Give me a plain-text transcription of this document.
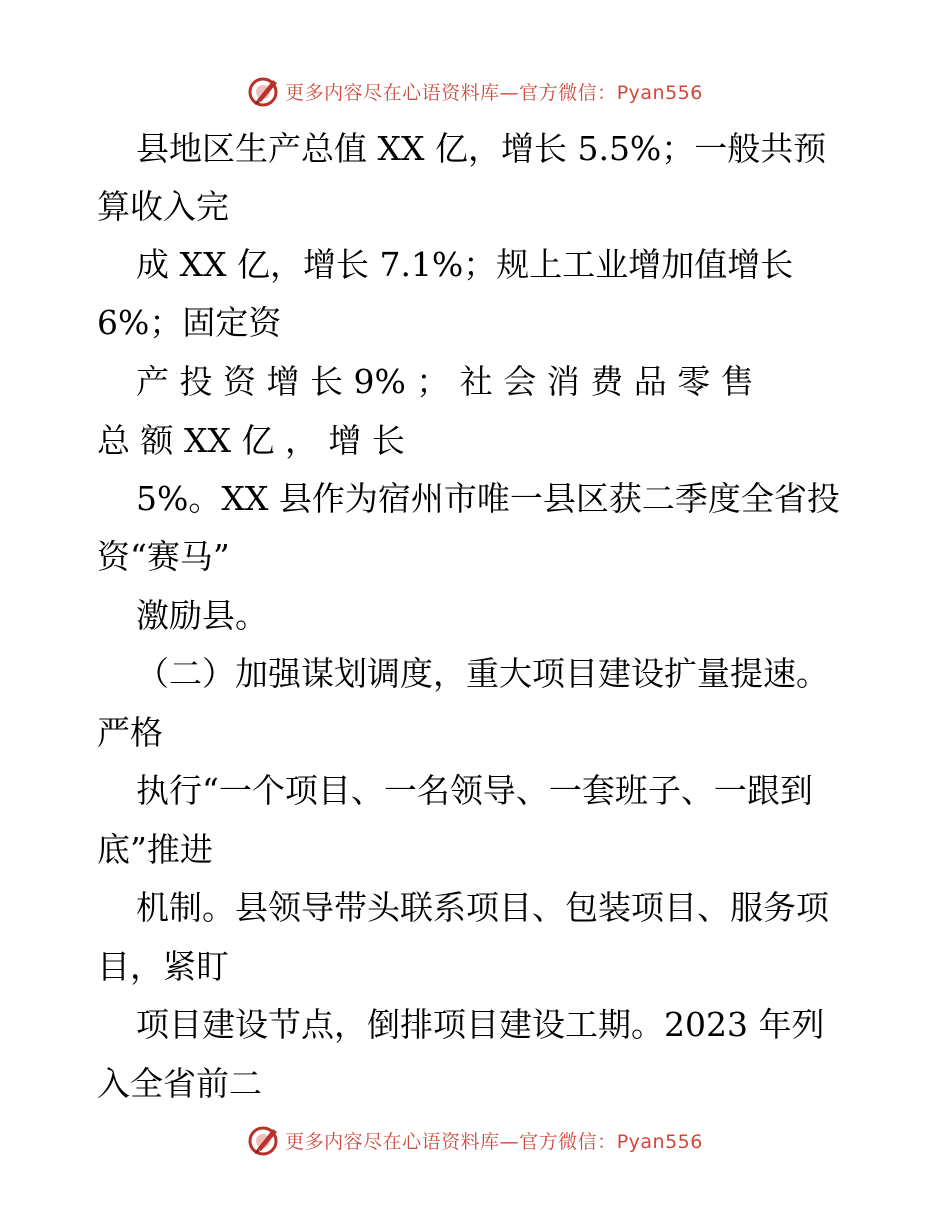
更多内容尽在心语资料库—官方微信：Pyan556
县地区生产总值 XX 亿，增长 5.5%；一般共预
算收入完
成 XX 亿，增长 7.1%；规上工业增加值增长
6%；固定资
产 投 资 增 长 9% ； 社 会 消 费 品 零 售
总 额 XX 亿 ， 增 长
5%。XX 县作为宿州市唯一县区获二季度全省投
资“赛马”
激励县。
（二）加强谋划调度，重大项目建设扩量提速。
严格
执行“一个项目、一名领导、一套班子、一跟到
底”推进
机制。县领导带头联系项目、包装项目、服务项
目，紧盯
项目建设节点，倒排项目建设工期。2023 年列
入全省前二
更多内容尽在心语资料库—官方微信：Pyan556
